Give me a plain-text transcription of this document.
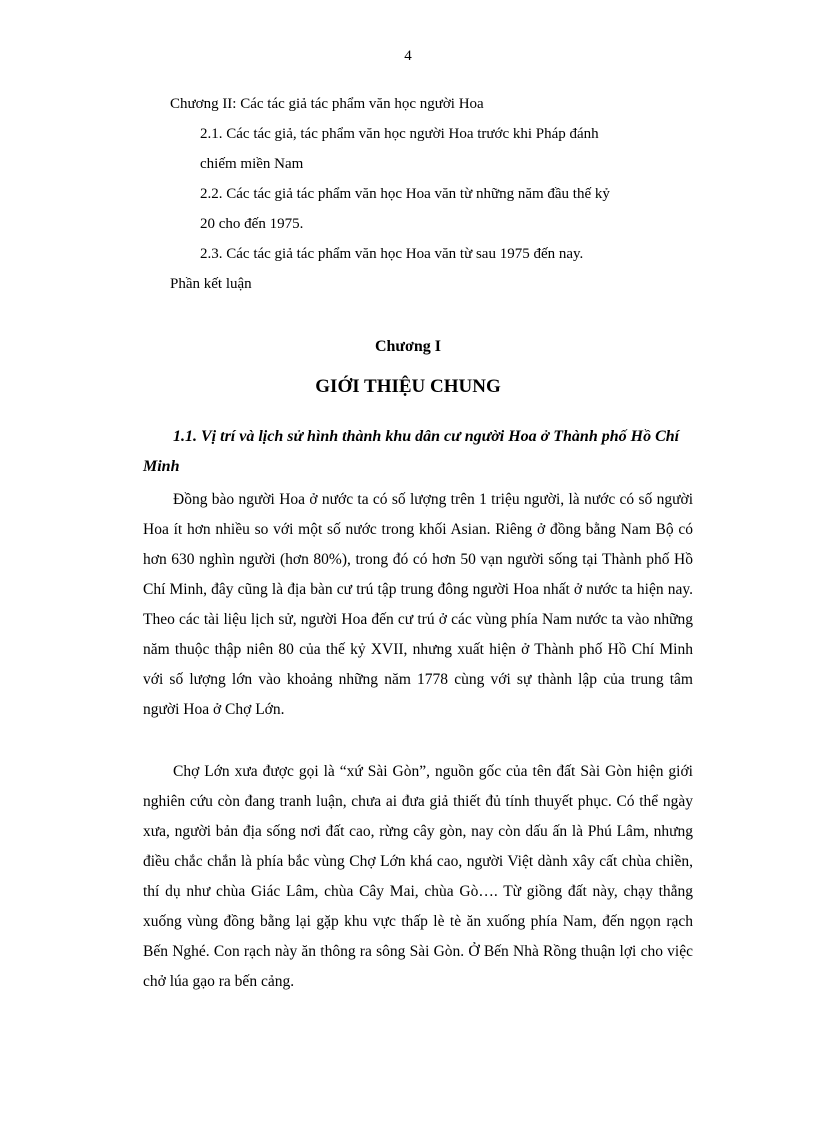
4
Chương II: Các tác giả tác phẩm văn học người Hoa
2.1. Các tác giả, tác phẩm văn học người Hoa trước khi Pháp đánh
chiếm miền Nam
2.2. Các tác giả tác phẩm văn học Hoa văn từ những năm đầu thế kỷ
20 cho đến 1975.
2.3. Các tác giả tác phẩm văn học Hoa văn từ sau 1975 đến nay.
Phần kết luận
Chương I
GIỚI THIỆU CHUNG
1.1. Vị trí và lịch sử hình thành khu dân cư người Hoa ở Thành phố Hồ Chí Minh

Đồng bào người Hoa ở nước ta có số lượng trên 1 triệu người, là nước có số người Hoa ít hơn nhiều so với một số nước trong khối Asian. Riêng ở đồng bằng Nam Bộ có hơn 630 nghìn người (hơn 80%), trong đó có hơn 50 vạn người sống tại Thành phố Hồ Chí Minh, đây cũng là địa bàn cư trú tập trung đông người Hoa nhất ở nước ta hiện nay. Theo các tài liệu lịch sử, người Hoa đến cư trú ở các vùng phía Nam nước ta vào những năm thuộc thập niên 80 của thế kỷ XVII, nhưng xuất hiện ở Thành phố Hồ Chí Minh với số lượng lớn vào khoảng những năm 1778 cùng với sự thành lập của trung tâm người Hoa ở Chợ Lớn.

Chợ Lớn xưa được gọi là “xứ Sài Gòn”, nguồn gốc của tên đất Sài Gòn hiện giới nghiên cứu còn đang tranh luận, chưa ai đưa giả thiết đủ tính thuyết phục. Có thể ngày xưa, người bản địa sống nơi đất cao, rừng cây gòn, nay còn dấu ấn là Phú Lâm, nhưng điều chắc chắn là phía bắc vùng Chợ Lớn khá cao, người Việt dành xây cất chùa chiền, thí dụ như chùa Giác Lâm, chùa Cây Mai, chùa Gò…. Từ giồng đất này, chạy thẳng xuống vùng đồng bằng lại gặp khu vực thấp lè tè ăn xuống phía Nam, đến ngọn rạch Bến Nghé. Con rạch này ăn thông ra sông Sài Gòn. Ở Bến Nhà Rồng thuận lợi cho việc chở lúa gạo ra bến cảng.
